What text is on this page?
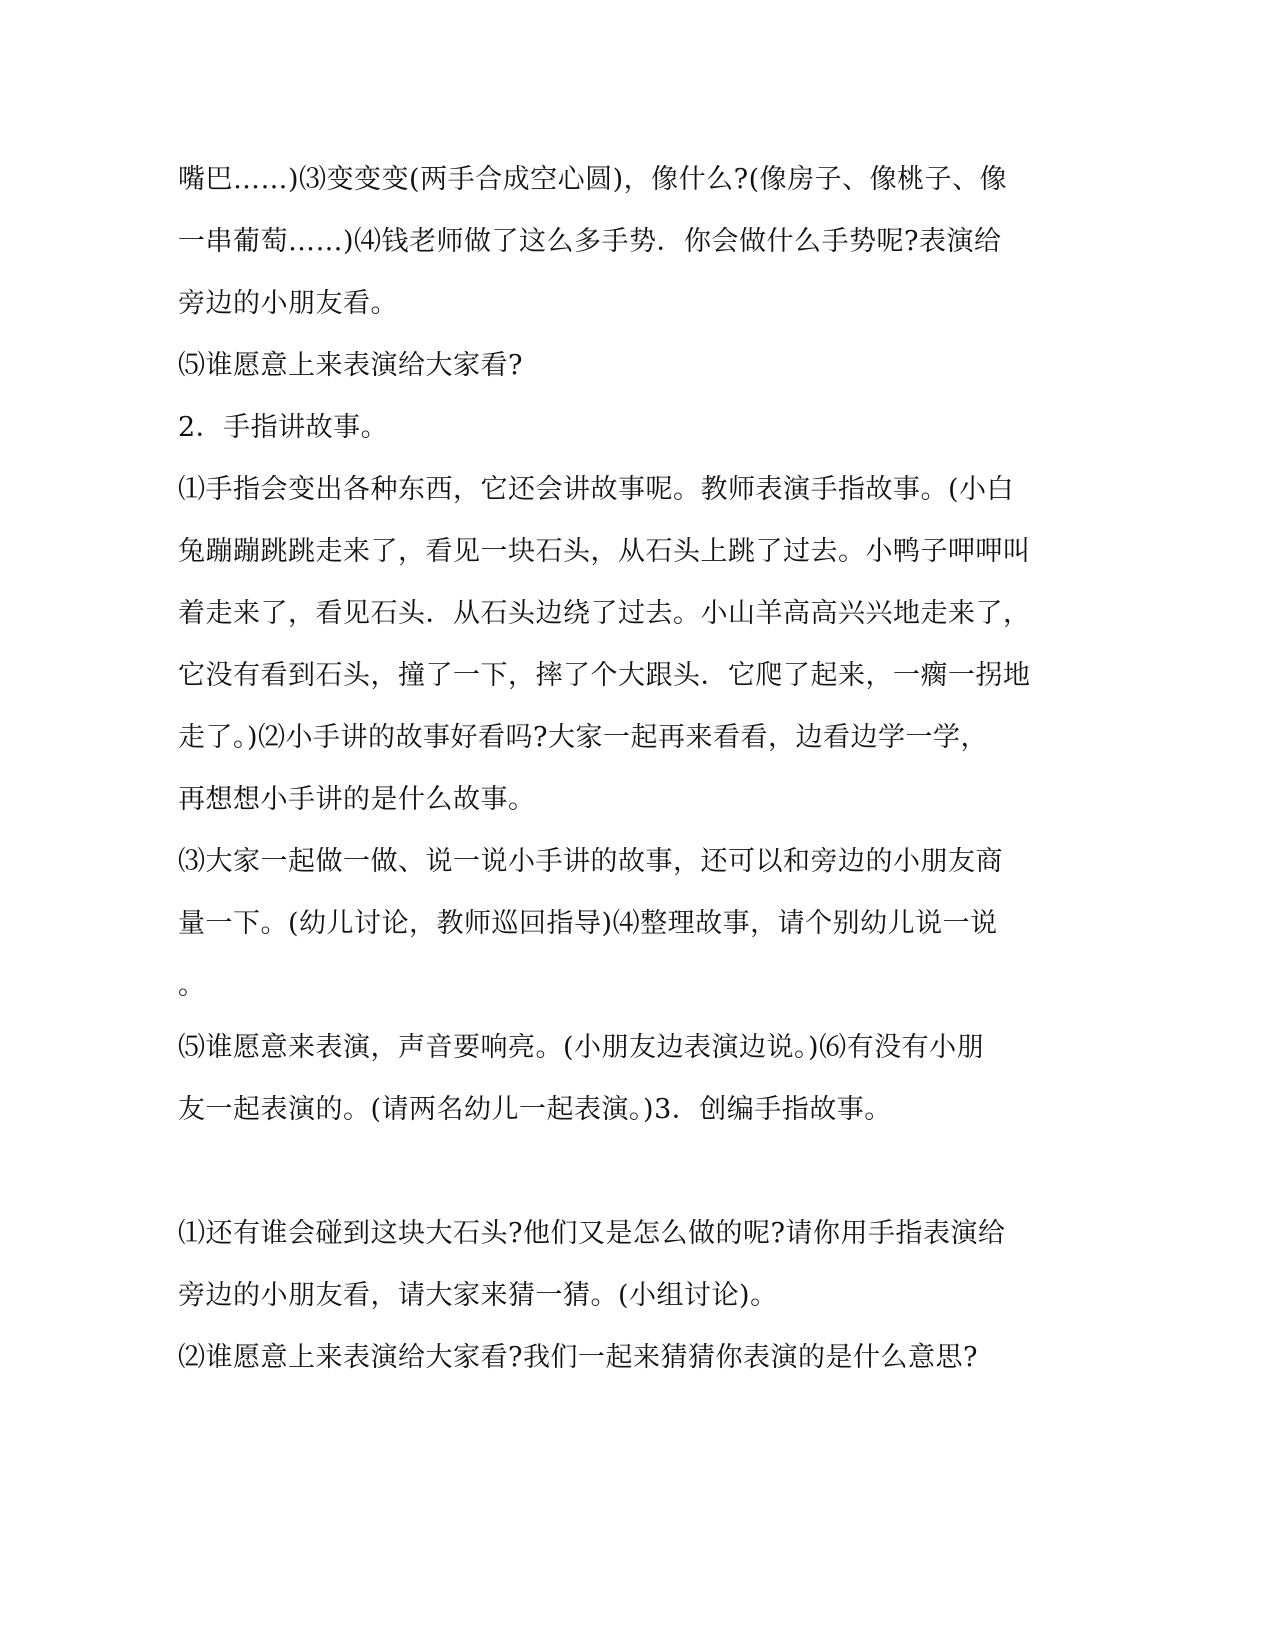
嘴巴……)⑶变变变(两手合成空心圆)，像什么?(像房子、像桃子、像
一串葡萄……)⑷钱老师做了这么多手势．你会做什么手势呢?表演给
旁边的小朋友看。
⑸谁愿意上来表演给大家看?
2．手指讲故事。
⑴手指会变出各种东西，它还会讲故事呢。教师表演手指故事。(小白
兔蹦蹦跳跳走来了，看见一块石头，从石头上跳了过去。小鸭子呷呷叫
着走来了，看见石头．从石头边绕了过去。小山羊高高兴兴地走来了，
它没有看到石头，撞了一下，摔了个大跟头．它爬了起来，一瘸一拐地
走了。)⑵小手讲的故事好看吗?大家一起再来看看，边看边学一学，
再想想小手讲的是什么故事。
⑶大家一起做一做、说一说小手讲的故事，还可以和旁边的小朋友商
量一下。(幼儿讨论，教师巡回指导)⑷整理故事，请个别幼儿说一说
。
⑸谁愿意来表演，声音要响亮。(小朋友边表演边说。)⑹有没有小朋
友一起表演的。(请两名幼儿一起表演。)3．创编手指故事。
⑴还有谁会碰到这块大石头?他们又是怎么做的呢?请你用手指表演给
旁边的小朋友看，请大家来猜一猜。(小组讨论)。
⑵谁愿意上来表演给大家看?我们一起来猜猜你表演的是什么意思?
